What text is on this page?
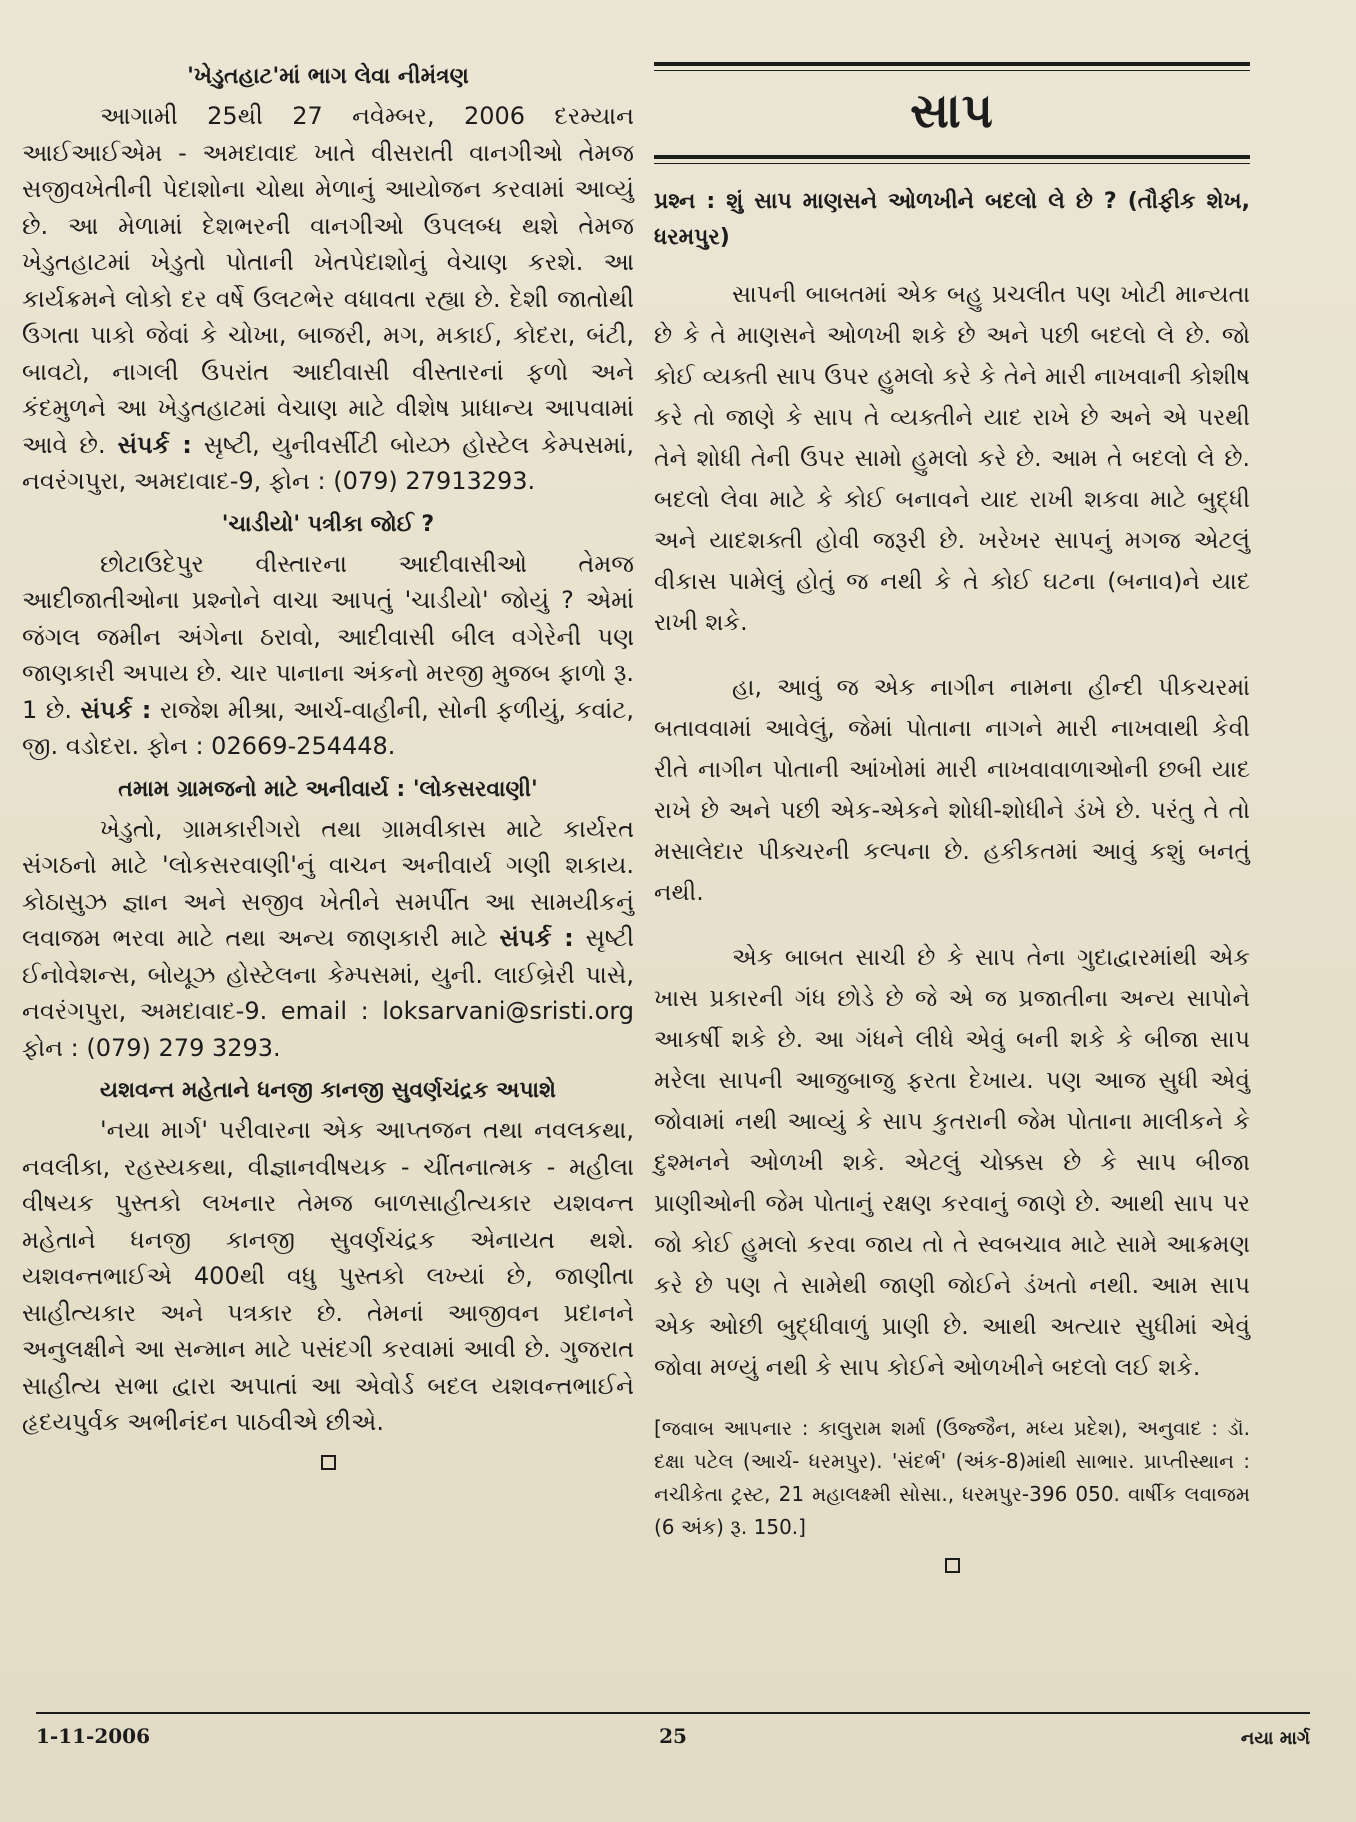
'ખેડુતહાટ'માં ભાગ લેવા નીમંત્રણ

આગામી 25થી 27 નવેમ્બર, 2006 દરમ્યાન આઈઆઈએમ - અમદાવાદ ખાતે વીસરાતી વાનગીઓ તેમજ સજીવખેતીની પેદાશોના ચોથા મેળાનું આયોજન કરવામાં આવ્યું છે. આ મેળામાં દેશભરની વાનગીઓ ઉપલબ્ધ થશે તેમજ ખેડુતહાટમાં ખેડુતો પોતાની ખેતપેદાશોનું વેચાણ કરશે. આ કાર્યક્રમને લોકો દર વર્ષે ઉલટભેર વધાવતા રહ્યા છે. દેશી જાતોથી ઉગતા પાકો જેવાં કે ચોખા, બાજરી, મગ, મકાઈ, કોદરા, બંટી, બાવટો, નાગલી ઉપરાંત આદીવાસી વીસ્તારનાં ફળો અને કંદમુળને આ ખેડુતહાટમાં વેચાણ માટે વીશેષ પ્રાધાન્ય આપવામાં આવે છે. સંપર્ક : સૃષ્ટી, યુનીવર્સીટી બોય્ઝ હોસ્ટેલ કેમ્પસમાં, નવરંગપુરા, અમદાવાદ-9, ફોન : (079) 27913293.

'ચાડીયો' પત્રીકા જોઈ ?

છોટાઉદેપુર વીસ્તારના આદીવાસીઓ તેમજ આદીજાતીઓના પ્રશ્નોને વાચા આપતું 'ચાડીયો' જોયું ? એમાં જંગલ જમીન અંગેના ઠરાવો, આદીવાસી બીલ વગેરેની પણ જાણકારી અપાય છે. ચાર પાનાના અંકનો મરજી મુજબ ફાળો રૂ. 1 છે. સંપર્ક : રાજેશ મીશ્રા, આર્ચ-વાહીની, સોની ફળીયું, કવાંટ, જી. વડોદરા. ફોન : 02669-254448.

તમામ ગ્રામજનો માટે અનીવાર્ય : 'લોકસરવાણી'

ખેડુતો, ગ્રામકારીગરો તથા ગ્રામવીકાસ માટે કાર્યરત સંગઠનો માટે 'લોકસરવાણી'નું વાચન અનીવાર્ય ગણી શકાય. કોઠાસુઝ જ્ઞાન અને સજીવ ખેતીને સમર્પીત આ સામયીકનું લવાજમ ભરવા માટે તથા અન્ય જાણકારી માટે સંપર્ક : સૃષ્ટી ઈનોવેશન્સ, બોયૂઝ હોસ્ટેલના કેમ્પસમાં, યુની. લાઈબ્રેરી પાસે, નવરંગપુરા, અમદાવાદ-9. email : loksarvani@sristi.org ફોન : (079) 279 3293.

યશવન્ત મહેતાને ધનજી કાનજી સુવર્ણચંદ્રક અપાશે

'નયા માર્ગ' પરીવારના એક આપ્તજન તથા નવલકથા, નવલીકા, રહસ્યકથા, વીજ્ઞાનવીષયક - ચીંતનાત્મક - મહીલા વીષયક પુસ્તકો લખનાર તેમજ બાળસાહીત્યકાર યશવન્ત મહેતાને ધનજી કાનજી સુવર્ણચંદ્રક એનાયત થશે. યશવન્તભાઈએ 400થી વધુ પુસ્તકો લખ્યાં છે, જાણીતા સાહીત્યકાર અને પત્રકાર છે. તેમનાં આજીવન પ્રદાનને અનુલક્ષીને આ સન્માન માટે પસંદગી કરવામાં આવી છે. ગુજરાત સાહીત્ય સભા દ્વારા અપાતાં આ એવોર્ડ બદલ યશવન્તભાઈને હૃદયપુર્વક અભીનંદન પાઠવીએ છીએ.

સાપ
પ્રશ્ન : શું સાપ માણસને ઓળખીને બદલો લે છે ? (તૌફીક શેખ, ધરમપુર)

સાપની બાબતમાં એક બહુ પ્રચલીત પણ ખોટી માન્યતા છે કે તે માણસને ઓળખી શકે છે અને પછી બદલો લે છે. જો કોઈ વ્યક્તી સાપ ઉપર હુમલો કરે કે તેને મારી નાખવાની કોશીષ કરે તો જાણે કે સાપ તે વ્યક્તીને યાદ રાખે છે અને એ પરથી તેને શોધી તેની ઉપર સામો હુમલો કરે છે. આમ તે બદલો લે છે. બદલો લેવા માટે કે કોઈ બનાવને યાદ રાખી શકવા માટે બુદ્ધી અને યાદશક્તી હોવી જરૂરી છે. ખરેખર સાપનું મગજ એટલું વીકાસ પામેલું હોતું જ નથી કે તે કોઈ ઘટના (બનાવ)ને યાદ રાખી શકે.

હા, આવું જ એક નાગીન નામના હીન્દી પીકચરમાં બતાવવામાં આવેલું, જેમાં પોતાના નાગને મારી નાખવાથી કેવી રીતે નાગીન પોતાની આંખોમાં મારી નાખવાવાળાઓની છબી યાદ રાખે છે અને પછી એક-એકને શોધી-શોધીને ડંખે છે. પરંતુ તે તો મસાલેદાર પીક્ચરની કલ્પના છે. હકીકતમાં આવું કશું બનતું નથી.

એક બાબત સાચી છે કે સાપ તેના ગુદાદ્વારમાંથી એક ખાસ પ્રકારની ગંધ છોડે છે જે એ જ પ્રજાતીના અન્ય સાપોને આકર્ષી શકે છે. આ ગંધને લીધે એવું બની શકે કે બીજા સાપ મરેલા સાપની આજુબાજુ ફરતા દેખાય. પણ આજ સુધી એવું જોવામાં નથી આવ્યું કે સાપ કુતરાની જેમ પોતાના માલીકને કે દુશ્મનને ઓળખી શકે. એટલું ચોક્કસ છે કે સાપ બીજા પ્રાણીઓની જેમ પોતાનું રક્ષણ કરવાનું જાણે છે. આથી સાપ પર જો કોઈ હુમલો કરવા જાય તો તે સ્વબચાવ માટે સામે આક્રમણ કરે છે પણ તે સામેથી જાણી જોઈને ડંખતો નથી. આમ સાપ એક ઓછી બુદ્ધીવાળું પ્રાણી છે. આથી અત્યાર સુધીમાં એવું જોવા મળ્યું નથી કે સાપ કોઈને ઓળખીને બદલો લઈ શકે.

[જવાબ આપનાર : કાલુરામ શર્મા (ઉજ્જૈન, મધ્ય પ્રદેશ), અનુવાદ : ડૉ. દક્ષા પટેલ (આર્ચ- ધરમપુર). 'સંદર્ભ' (અંક-8)માંથી સાભાર. પ્રાપ્તીસ્થાન : નચીકેતા ટ્રસ્ટ, 21 મહાલક્ષ્મી સોસા., ધરમપુર-396 050. વાર્ષીક લવાજમ (6 અંક) રૂ. 150.]

1-11-2006	25	નયા માર્ગ
